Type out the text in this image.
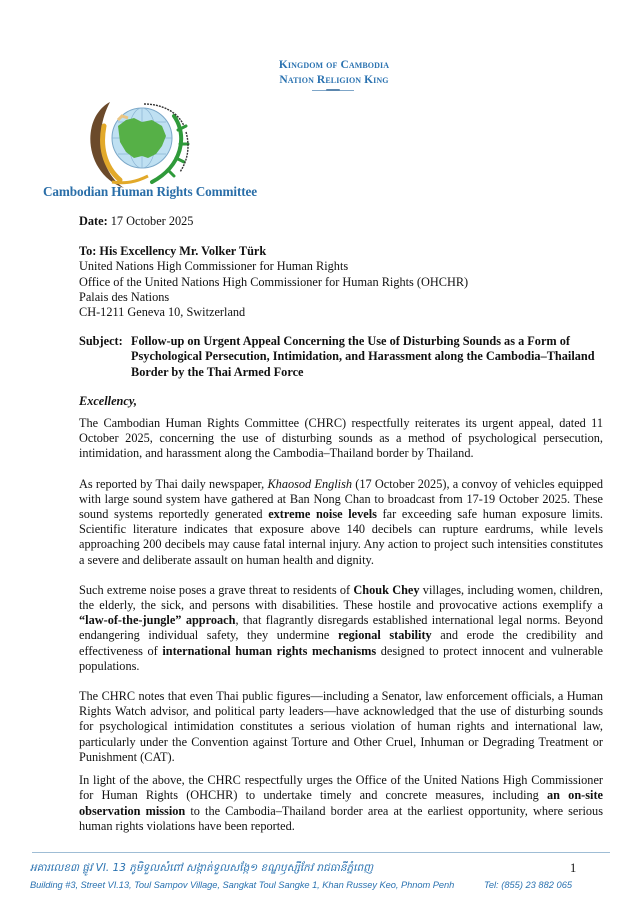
Kingdom of Cambodia
Nation Religion King
Cambodian Human Rights Committee

Date: 17 October 2025

To: His Excellency Mr. Volker Türk

United Nations High Commissioner for Human Rights

Office of the United Nations High Commissioner for Human Rights (OHCHR)

Palais des Nations

CH-1211 Geneva 10, Switzerland

Subject: Follow-up on Urgent Appeal Concerning the Use of Disturbing Sounds as a Form of Psychological Persecution, Intimidation, and Harassment along the Cambodia–Thailand Border by the Thai Armed Force

Excellency,

The Cambodian Human Rights Committee (CHRC) respectfully reiterates its urgent appeal, dated 11 October 2025, concerning the use of disturbing sounds as a method of psychological persecution, intimidation, and harassment along the Cambodia–Thailand border by Thailand.

As reported by Thai daily newspaper, Khaosod English (17 October 2025), a convoy of vehicles equipped with large sound system have gathered at Ban Nong Chan to broadcast from 17-19 October 2025. These sound systems reportedly generated extreme noise levels far exceeding safe human exposure limits. Scientific literature indicates that exposure above 140 decibels can rupture eardrums, while levels approaching 200 decibels may cause fatal internal injury. Any action to project such intensities constitutes a severe and deliberate assault on human health and dignity.

Such extreme noise poses a grave threat to residents of Chouk Chey villages, including women, children, the elderly, the sick, and persons with disabilities. These hostile and provocative actions exemplify a “law-of-the-jungle” approach, that flagrantly disregards established international legal norms. Beyond endangering individual safety, they undermine regional stability and erode the credibility and effectiveness of international human rights mechanisms designed to protect innocent and vulnerable populations.

The CHRC notes that even Thai public figures—including a Senator, law enforcement officials, a Human Rights Watch advisor, and political party leaders—have acknowledged that the use of disturbing sounds for psychological intimidation constitutes a serious violation of human rights and international law, particularly under the Convention against Torture and Other Cruel, Inhuman or Degrading Treatment or Punishment (CAT).

In light of the above, the CHRC respectfully urges the Office of the United Nations High Commissioner for Human Rights (OHCHR) to undertake timely and concrete measures, including an on-site observation mission to the Cambodia–Thailand border area at the earliest opportunity, where serious human rights violations have been reported.

អគារលេខ៣ ផ្លូវ VI. 13 ភូមិទួលសំពៅ សង្កាត់ទួលសង្កែ១ ខណ្ឌឫស្សីកែវ រាជធានីភ្នំពេញ	1
Building #3, Street VI.13, Toul Sampov Village, Sangkat Toul Sangke 1, Khan Russey Keo, Phnom Penh	Tel: (855) 23 882 065
